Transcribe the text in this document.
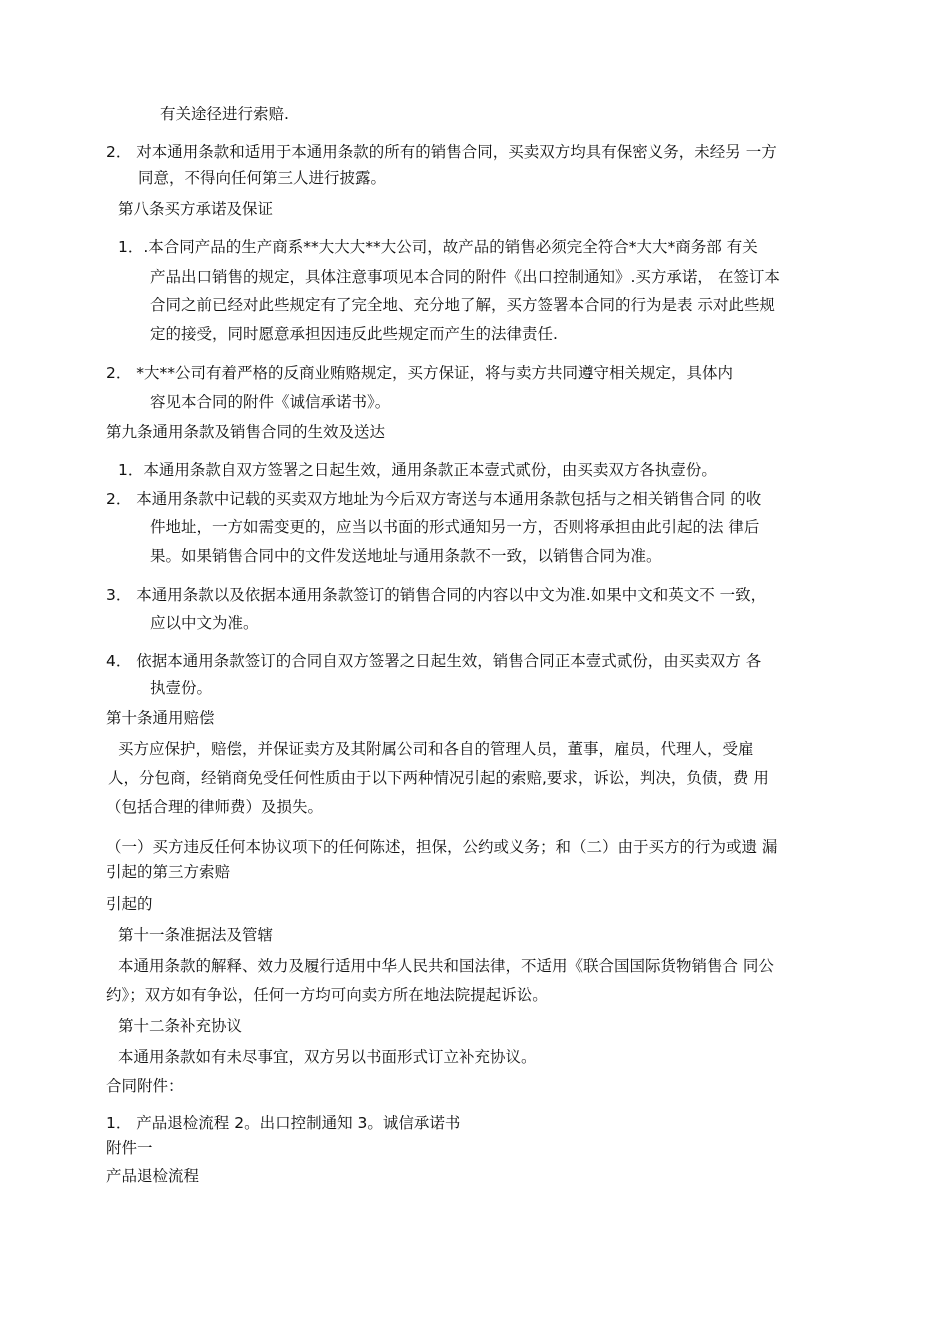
有关途径进行索赔.
2． 对本通用条款和适用于本通用条款的所有的销售合同，买卖双方均具有保密义务，未经另 一方
同意，不得向任何第三人进行披露。
第八条买方承诺及保证
1．.本合同产品的生产商系**大大大**大公司，故产品的销售必须完全符合*大大*商务部 有关
产品出口销售的规定，具体注意事项见本合同的附件《出口控制通知》.买方承诺， 在签订本
合同之前已经对此些规定有了完全地、充分地了解，买方签署本合同的行为是表 示对此些规
定的接受，同时愿意承担因违反此些规定而产生的法律责任.
2． *大**公司有着严格的反商业贿赂规定，买方保证，将与卖方共同遵守相关规定，具体内
容见本合同的附件《诚信承诺书》。
第九条通用条款及销售合同的生效及送达
1．本通用条款自双方签署之日起生效，通用条款正本壹式贰份，由买卖双方各执壹份。
2． 本通用条款中记载的买卖双方地址为今后双方寄送与本通用条款包括与之相关销售合同 的收
件地址，一方如需变更的，应当以书面的形式通知另一方，否则将承担由此引起的法 律后
果。如果销售合同中的文件发送地址与通用条款不一致，以销售合同为准。
3． 本通用条款以及依据本通用条款签订的销售合同的内容以中文为准.如果中文和英文不 一致，
应以中文为准。
4． 依据本通用条款签订的合同自双方签署之日起生效，销售合同正本壹式贰份，由买卖双方 各
执壹份。
第十条通用赔偿
买方应保护，赔偿，并保证卖方及其附属公司和各自的管理人员，董事，雇员，代理人，受雇
人，分包商，经销商免受任何性质由于以下两种情况引起的索赔,要求，诉讼，判决，负债，费 用
（包括合理的律师费）及损失。
（一）买方违反任何本协议项下的任何陈述，担保，公约或义务；和（二）由于买方的行为或遗 漏
引起的第三方索赔
引起的
第十一条准据法及管辖
本通用条款的解释、效力及履行适用中华人民共和国法律，不适用《联合国国际货物销售合 同公
约》；双方如有争讼，任何一方均可向卖方所在地法院提起诉讼。
第十二条补充协议
本通用条款如有未尽事宜，双方另以书面形式订立补充协议。
合同附件：
1． 产品退检流程 2。出口控制通知 3。诚信承诺书
附件一
产品退检流程
